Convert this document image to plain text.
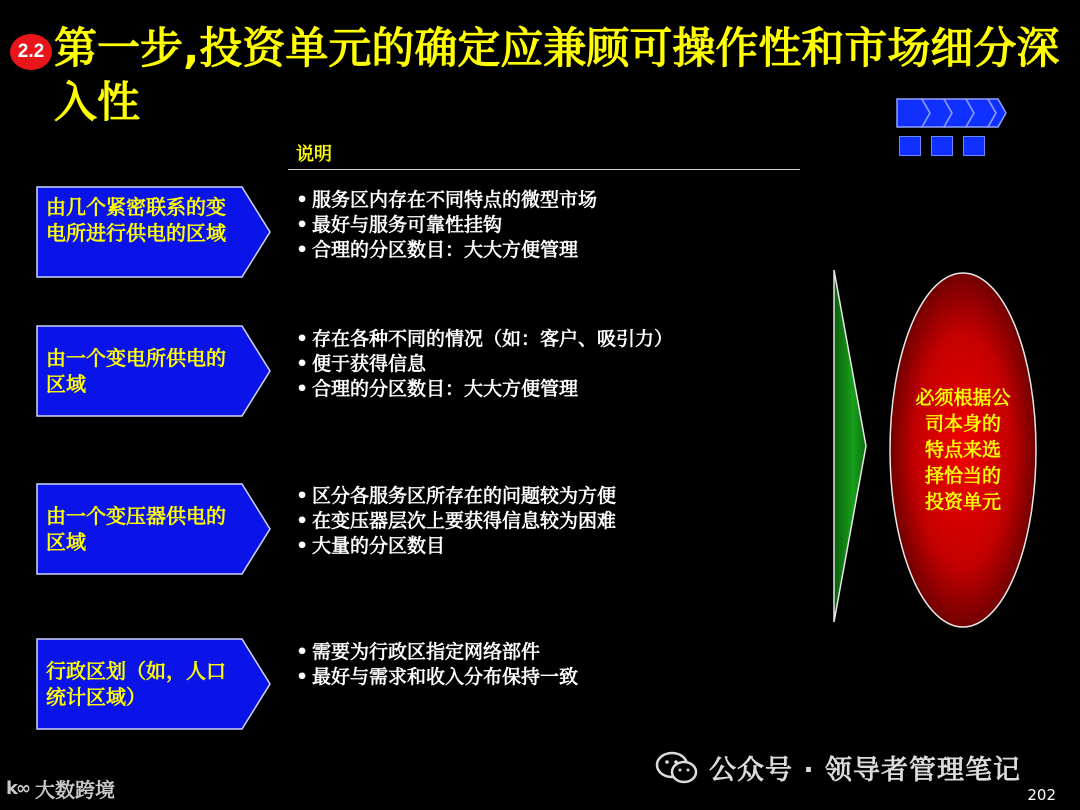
2.2 第一步,投资单元的确定应兼顾可操作性和市场细分深入性
说明
由几个紧密联系的变电所进行供电的区域
• 服务区内存在不同特点的微型市场
• 最好与服务可靠性挂钩
• 合理的分区数目：大大方便管理
由一个变电所供电的区域
• 存在各种不同的情况（如：客户、吸引力）
• 便于获得信息
• 合理的分区数目：大大方便管理
由一个变压器供电的区域
• 区分各服务区所存在的问题较为方便
• 在变压器层次上要获得信息较为困难
• 大量的分区数目
行政区划（如，人口统计区域）
• 需要为行政区指定网络部件
• 最好与需求和收入分布保持一致
必须根据公
司本身的
特点来选
择恰当的
投资单元
公众号 · 领导者管理笔记
k∞ 大数跨境	202
